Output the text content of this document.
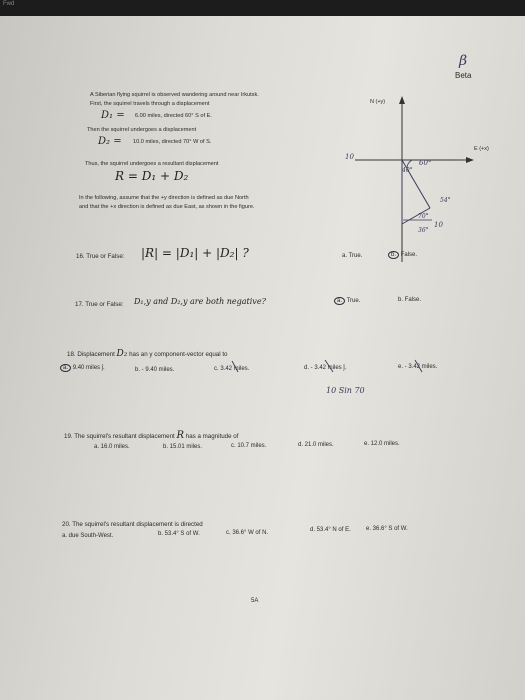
Fwd
β
Beta
A Siberian flying squirrel is observed wandering around near Irkutsk.
First, the squirrel travels through a displacement
D₁ = 6.00 miles, directed 60° S of E.
Then the squirrel undergoes a displacement
D₂ = 10.0 miles, directed 70° W of S.
Thus, the squirrel undergoes a resultant displacement
R = D₁ + D₂
In the following, assume that the +y direction is defined as due North
and that the +x direction is defined as due East, as shown in the figure.
N (+y)
E (+x)
60°
40°
54°
70°
36°
10
10
16. True or False: |R| = |D₁| + |D₂| ?	a. True.	b. False.
17. True or False: D₁,y and D₂,y are both negative?	a. True.	b. False.
18. Displacement D₂ has an y component-vector equal to
a. 9.40 miles ĵ.	b. - 9.40 miles.	c. 3.42 miles.	d. - 3.42 miles ĵ.	e. - 3.42 miles.
10 Sin 70
19. The squirrel's resultant displacement R has a magnitude of
a. 16.0 miles.	b. 15.01 miles.	c. 10.7 miles.	d. 21.0 miles.	e. 12.0 miles.
20. The squirrel's resultant displacement is directed
a. due South-West.	b. 53.4° S of W.	c. 36.6° W of N.	d. 53.4° N of E.	e. 36.6° S of W.
5A
